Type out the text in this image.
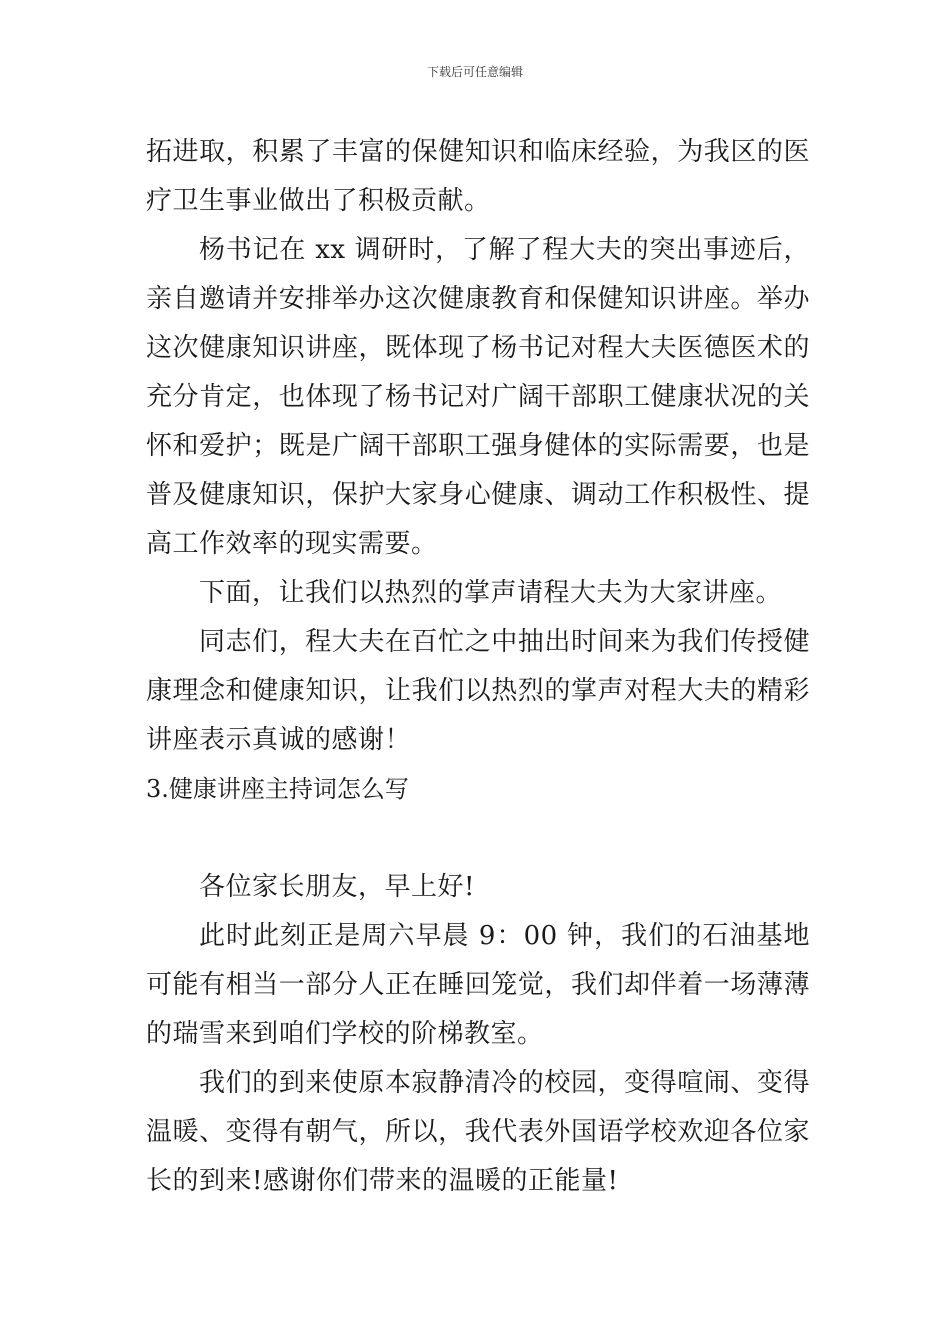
下载后可任意编辑

拓进取，积累了丰富的保健知识和临床经验，为我区的医疗卫生事业做出了积极贡献。

杨书记在 xx 调研时，了解了程大夫的突出事迹后，亲自邀请并安排举办这次健康教育和保健知识讲座。举办这次健康知识讲座，既体现了杨书记对程大夫医德医术的充分肯定，也体现了杨书记对广阔干部职工健康状况的关怀和爱护；既是广阔干部职工强身健体的实际需要，也是普及健康知识，保护大家身心健康、调动工作积极性、提高工作效率的现实需要。

下面，让我们以热烈的掌声请程大夫为大家讲座。

同志们，程大夫在百忙之中抽出时间来为我们传授健康理念和健康知识，让我们以热烈的掌声对程大夫的精彩讲座表示真诚的感谢！

3.健康讲座主持词怎么写

各位家长朋友，早上好!

此时此刻正是周六早晨 9：00 钟，我们的石油基地可能有相当一部分人正在睡回笼觉，我们却伴着一场薄薄的瑞雪来到咱们学校的阶梯教室。

我们的到来使原本寂静清冷的校园，变得喧闹、变得温暖、变得有朝气，所以，我代表外国语学校欢迎各位家长的到来!感谢你们带来的温暖的正能量!
